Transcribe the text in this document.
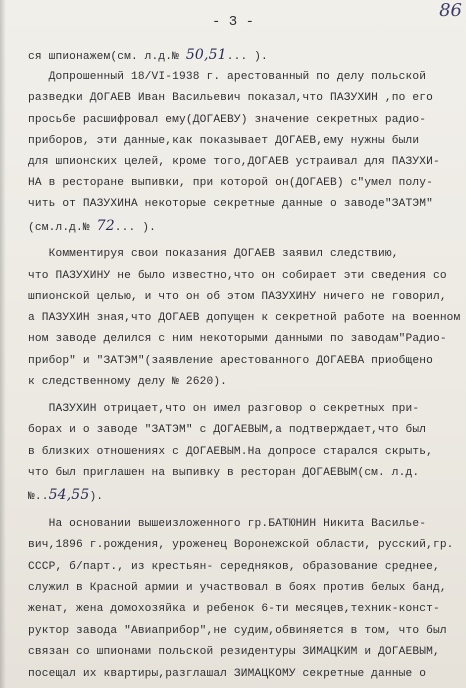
86
- 3 -
ся шпионажем(см. л.д.№ 50,51... ).
Допрошенный 18/VI-1938 г. арестованный по делу польской
разведки ДОГАЕВ Иван Васильевич показал,что ПАЗУХИН ,по его
просьбе расшифровал ему(ДОГАЕВУ) значение секретных радио-
приборов, эти данные,как показывает ДОГАЕВ,ему нужны были
для шпионских целей, кроме того,ДОГАЕВ устраивал для ПАЗУХИ-
НА в ресторане выпивки, при которой он(ДОГАЕВ) с"умел полу-
чить от ПАЗУХИНА некоторые секретные данные о заводе"ЗАТЭМ"
(см.л.д.№ 72... ).
Комментируя свои показания ДОГАЕВ заявил следствию,
что ПАЗУХИНУ не было известно,что он собирает эти сведения со
шпионской целью, и что он об этом ПАЗУХИНУ ничего не говорил,
а ПАЗУХИН зная,что ДОГАЕВ допущен к секретной работе на военном
ном заводе делился с ним некоторыми данными по заводам"Радио-
прибор" и "ЗАТЭМ"(заявление арестованного ДОГАЕВА приобщено
к следственному делу № 2620).
ПАЗУХИН отрицает,что он имел разговор о секретных при-
борах и о заводе "ЗАТЭМ" с ДОГАЕВЫМ,а подтверждает,что был
в близких отношениях с ДОГАЕВЫМ.На допросе старался скрыть,
что был приглашен на выпивку в ресторан ДОГАЕВЫМ(см. л.д.
№..54,55).
На основании вышеизложенного гр.БАТЮНИН Никита Василье-
вич,1896 г.рождения, уроженец Воронежской области, русский,гр.
СССР, б/парт., из крестьян- середняков, образование среднее,
служил в Красной армии и участвовал в боях против белых банд,
женат, жена домохозяйка и ребенок 6-ти месяцев,техник-конст-
руктор завода "Авиаприбор",не судим,обвиняется в том, что был
связан со шпионами польской резидентуры ЗИМАЦКИМ и ДОГАЕВЫМ,
посещал их квартиры,разглашал ЗИМАЦКОМУ секретные данные о
